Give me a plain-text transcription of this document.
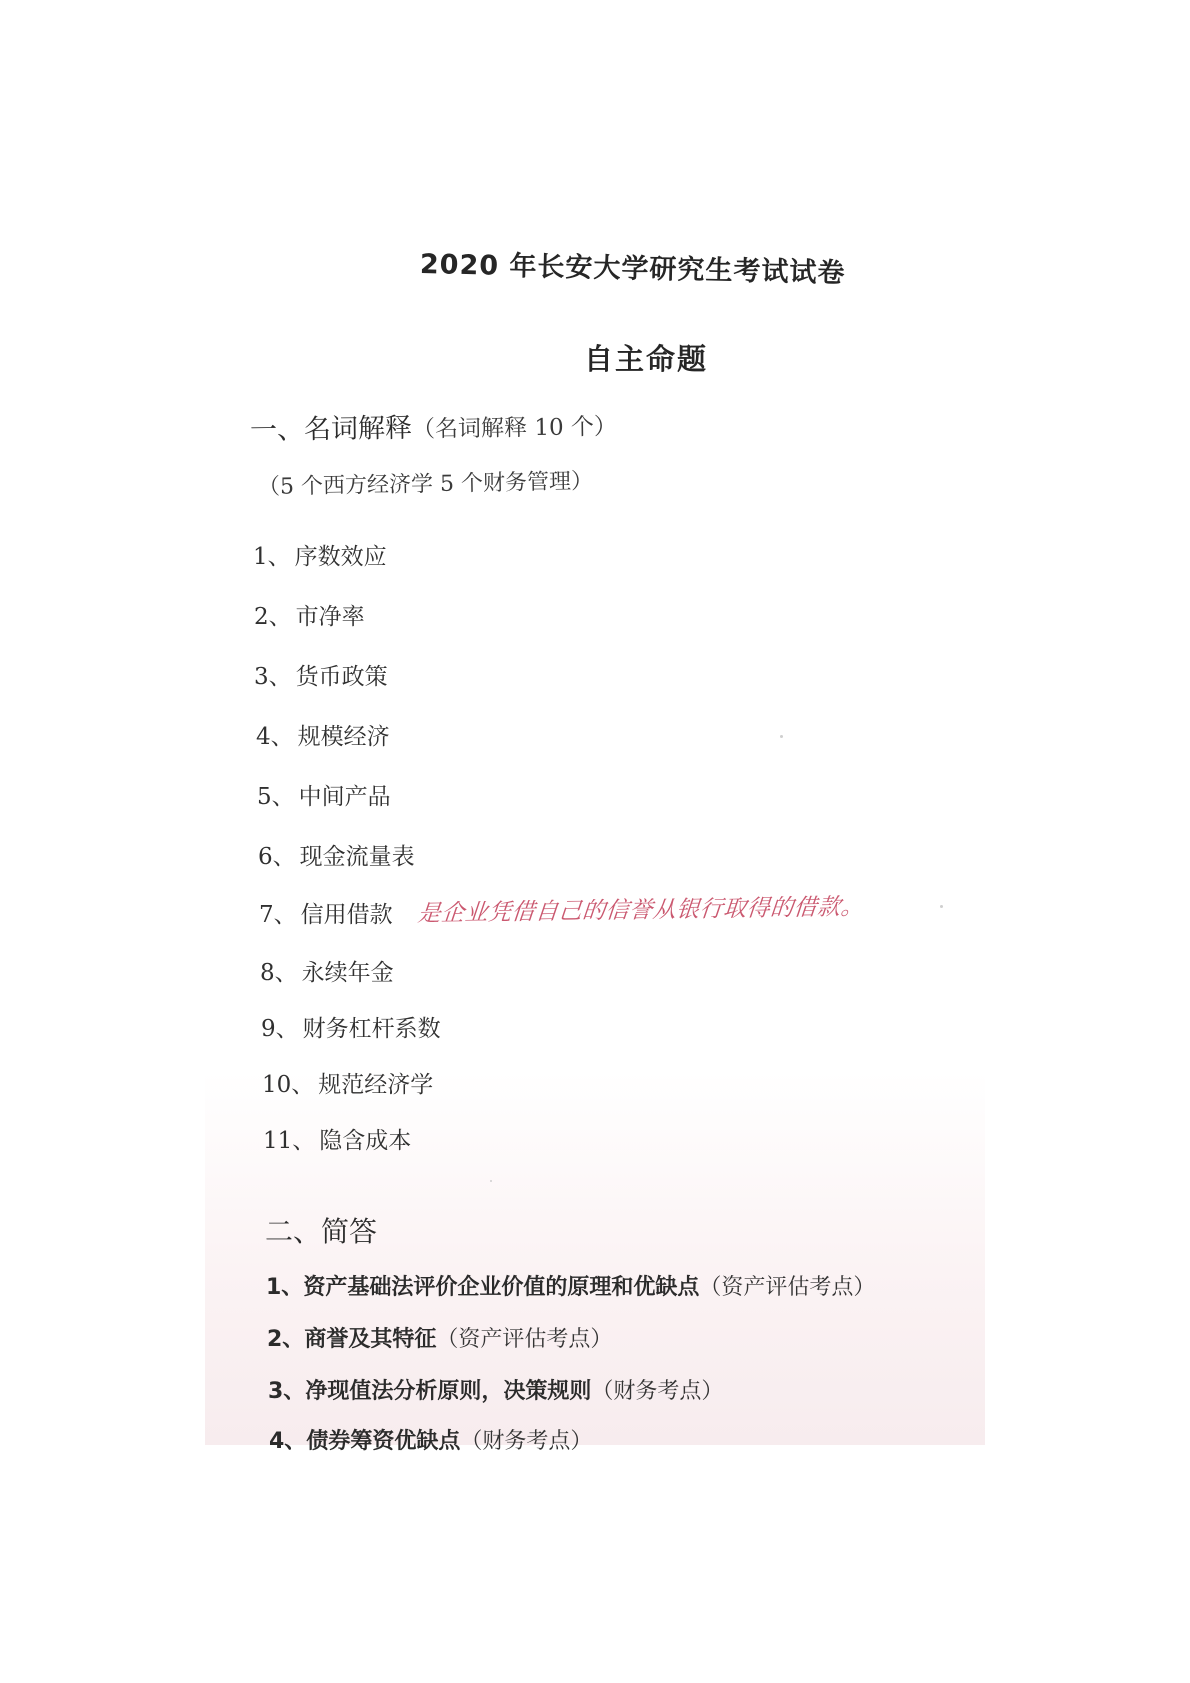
2020 年长安大学研究生考试试卷
自主命题
一、名词解释（名词解释 10 个）
（5 个西方经济学 5 个财务管理）
1、 序数效应
2、 市净率
3、 货币政策
4、 规模经济
5、 中间产品
6、 现金流量表
7、 信用借款 是企业凭借自己的信誉从银行取得的借款。
8、 永续年金
9、 财务杠杆系数
10、 规范经济学
11、 隐含成本
二、简答
1、资产基础法评价企业价值的原理和优缺点（资产评估考点）
2、商誉及其特征（资产评估考点）
3、净现值法分析原则，决策规则（财务考点）
4、债券筹资优缺点（财务考点）
